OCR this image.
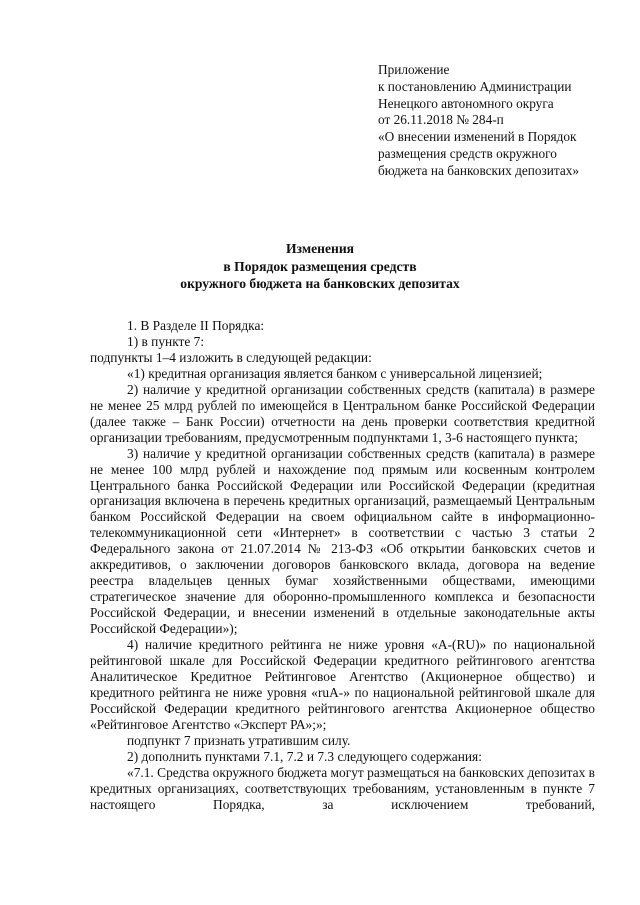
Приложение
к постановлению Администрации
Ненецкого автономного округа
от 26.11.2018 № 284-п
«О внесении изменений в Порядок
размещения средств окружного
бюджета на банковских депозитах»
Изменения
в Порядок размещения средств
окружного бюджета на банковских депозитах

1. В Разделе II Порядка:

1) в пункте 7:

подпункты 1–4 изложить в следующей редакции:

«1) кредитная организация является банком с универсальной лицензией;

2) наличие у кредитной организации собственных средств (капитала) в размере не менее 25 млрд рублей по имеющейся в Центральном банке Российской Федерации (далее также – Банк России) отчетности на день проверки соответствия кредитной организации требованиям, предусмотренным подпунктами 1, 3-6 настоящего пункта;

3) наличие у кредитной организации собственных средств (капитала) в размере не менее 100 млрд рублей и нахождение под прямым или косвенным контролем Центрального банка Российской Федерации или Российской Федерации (кредитная организация включена в перечень кредитных организаций, размещаемый Центральным банком Российской Федерации на своем официальном сайте в информационно-телекоммуникационной сети «Интернет» в соответствии с частью 3 статьи 2 Федерального закона от 21.07.2014 № 213-ФЗ «Об открытии банковских счетов и аккредитивов, о заключении договоров банковского вклада, договора на ведение реестра владельцев ценных бумаг хозяйственными обществами, имеющими стратегическое значение для оборонно-промышленного комплекса и безопасности Российской Федерации, и внесении изменений в отдельные законодательные акты Российской Федерации»);

4) наличие кредитного рейтинга не ниже уровня «A-(RU)» по национальной рейтинговой шкале для Российской Федерации кредитного рейтингового агентства Аналитическое Кредитное Рейтинговое Агентство (Акционерное общество) и кредитного рейтинга не ниже уровня «ruA-» по национальной рейтинговой шкале для Российской Федерации кредитного рейтингового агентства Акционерное общество «Рейтинговое Агентство «Эксперт РА»;»;

подпункт 7 признать утратившим силу.

2) дополнить пунктами 7.1, 7.2 и 7.3 следующего содержания:

«7.1. Средства окружного бюджета могут размещаться на банковских депозитах в кредитных организациях, соответствующих требованиям, установленным в пункте 7 настоящего Порядка, за исключением требований,
